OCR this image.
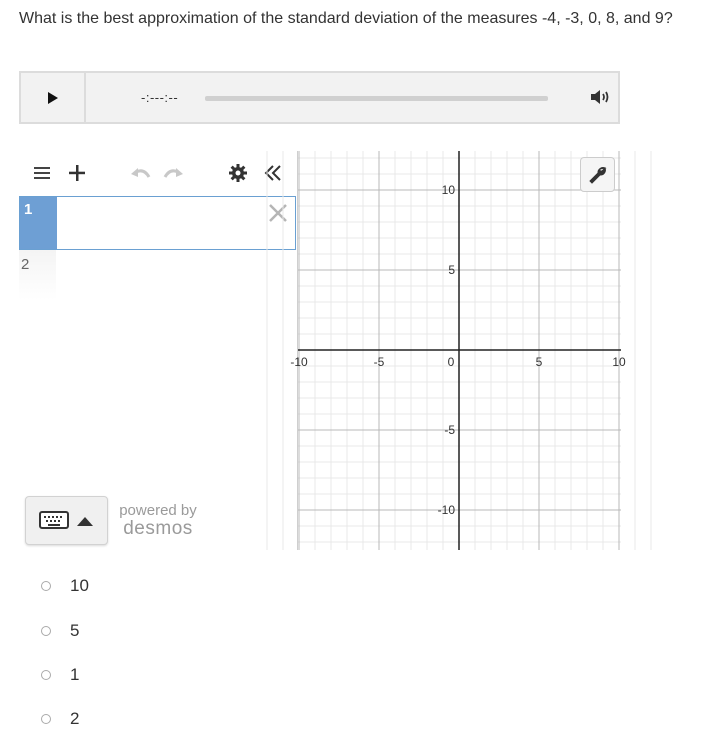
What is the best approximation of the standard deviation of the measures -4, -3, 0, 8, and 9?
-:---:--
1
2
powered by
desmos
-10	-5	0	5	10
10
5
-5
-10
10
5
1
2
